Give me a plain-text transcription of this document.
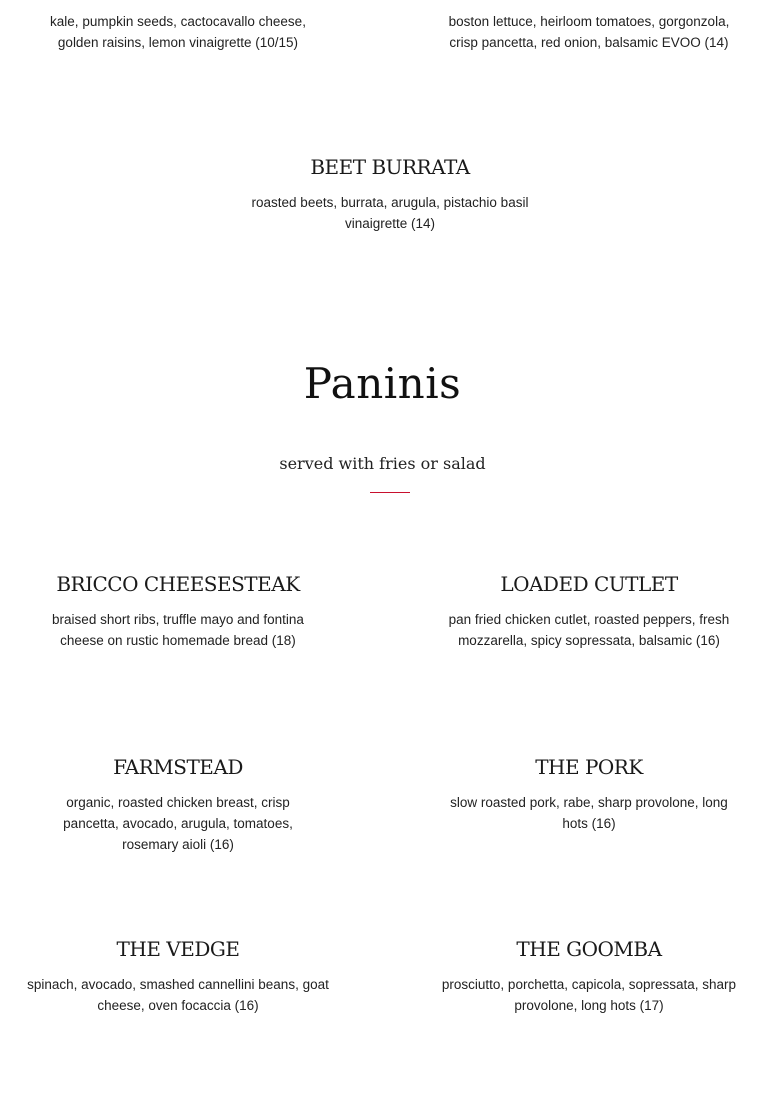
kale, pumpkin seeds, cactocavallo cheese, golden raisins, lemon vinaigrette (10/15)

boston lettuce, heirloom tomatoes, gorgonzola, crisp pancetta, red onion, balsamic EVOO (14)

BEET BURRATA

roasted beets, burrata, arugula, pistachio basil vinaigrette (14)

Paninis

served with fries or salad

BRICCO CHEESESTEAK

braised short ribs, truffle mayo and fontina cheese on rustic homemade bread (18)

LOADED CUTLET

pan fried chicken cutlet, roasted peppers, fresh mozzarella, spicy sopressata, balsamic (16)

FARMSTEAD

organic, roasted chicken breast, crisp pancetta, avocado, arugula, tomatoes, rosemary aioli (16)

THE PORK

slow roasted pork, rabe, sharp provolone, long hots (16)

THE VEDGE

spinach, avocado, smashed cannellini beans, goat cheese, oven focaccia (16)

THE GOOMBA

prosciutto, porchetta, capicola, sopressata, sharp provolone, long hots (17)
